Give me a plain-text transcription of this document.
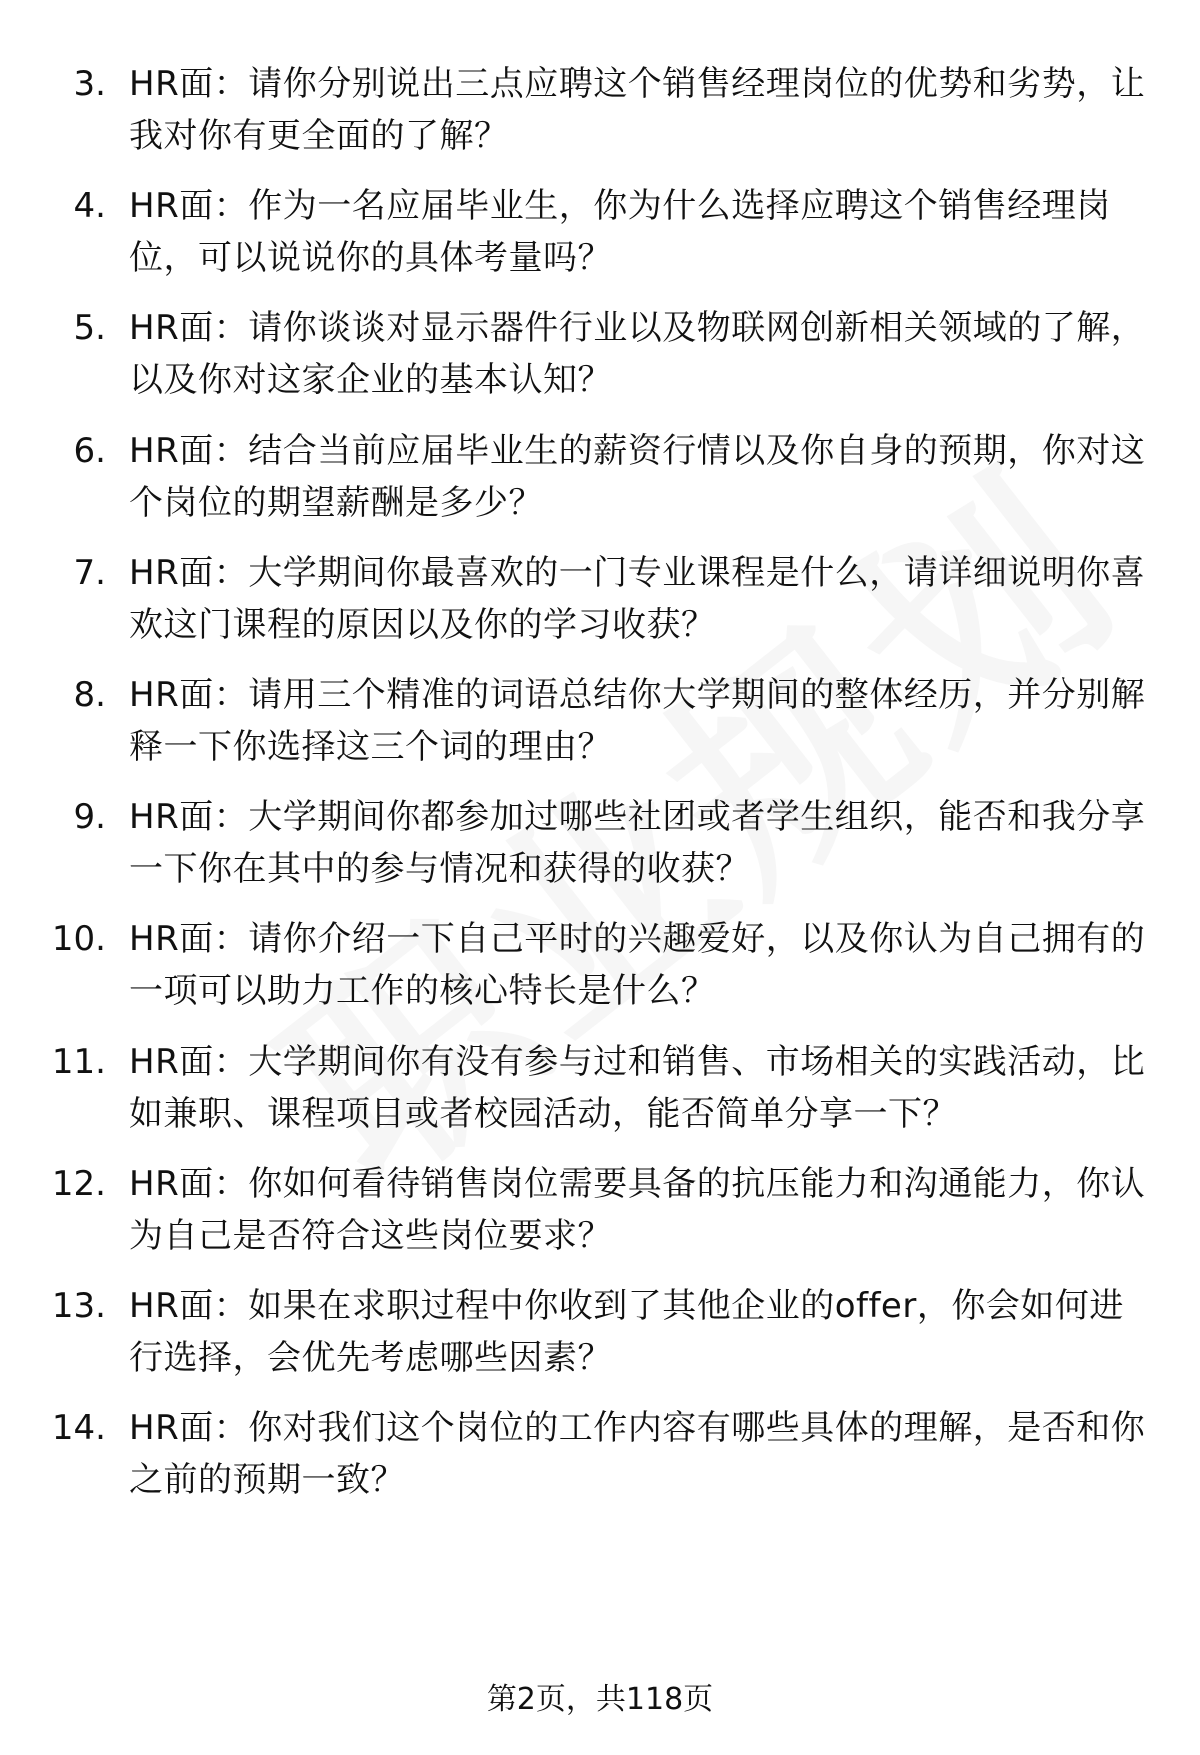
3. HR面：请你分别说出三点应聘这个销售经理岗位的优势和劣势，让我对你有更全面的了解？
4. HR面：作为一名应届毕业生，你为什么选择应聘这个销售经理岗位，可以说说你的具体考量吗？
5. HR面：请你谈谈对显示器件行业以及物联网创新相关领域的了解，以及你对这家企业的基本认知？
6. HR面：结合当前应届毕业生的薪资行情以及你自身的预期，你对这个岗位的期望薪酬是多少？
7. HR面：大学期间你最喜欢的一门专业课程是什么，请详细说明你喜欢这门课程的原因以及你的学习收获？
8. HR面：请用三个精准的词语总结你大学期间的整体经历，并分别解释一下你选择这三个词的理由？
9. HR面：大学期间你都参加过哪些社团或者学生组织，能否和我分享一下你在其中的参与情况和获得的收获？
10. HR面：请你介绍一下自己平时的兴趣爱好，以及你认为自己拥有的一项可以助力工作的核心特长是什么？
11. HR面：大学期间你有没有参与过和销售、市场相关的实践活动，比如兼职、课程项目或者校园活动，能否简单分享一下？
12. HR面：你如何看待销售岗位需要具备的抗压能力和沟通能力，你认为自己是否符合这些岗位要求？
13. HR面：如果在求职过程中你收到了其他企业的offer，你会如何进行选择，会优先考虑哪些因素？
14. HR面：你对我们这个岗位的工作内容有哪些具体的理解，是否和你之前的预期一致？
第2页，共118页
